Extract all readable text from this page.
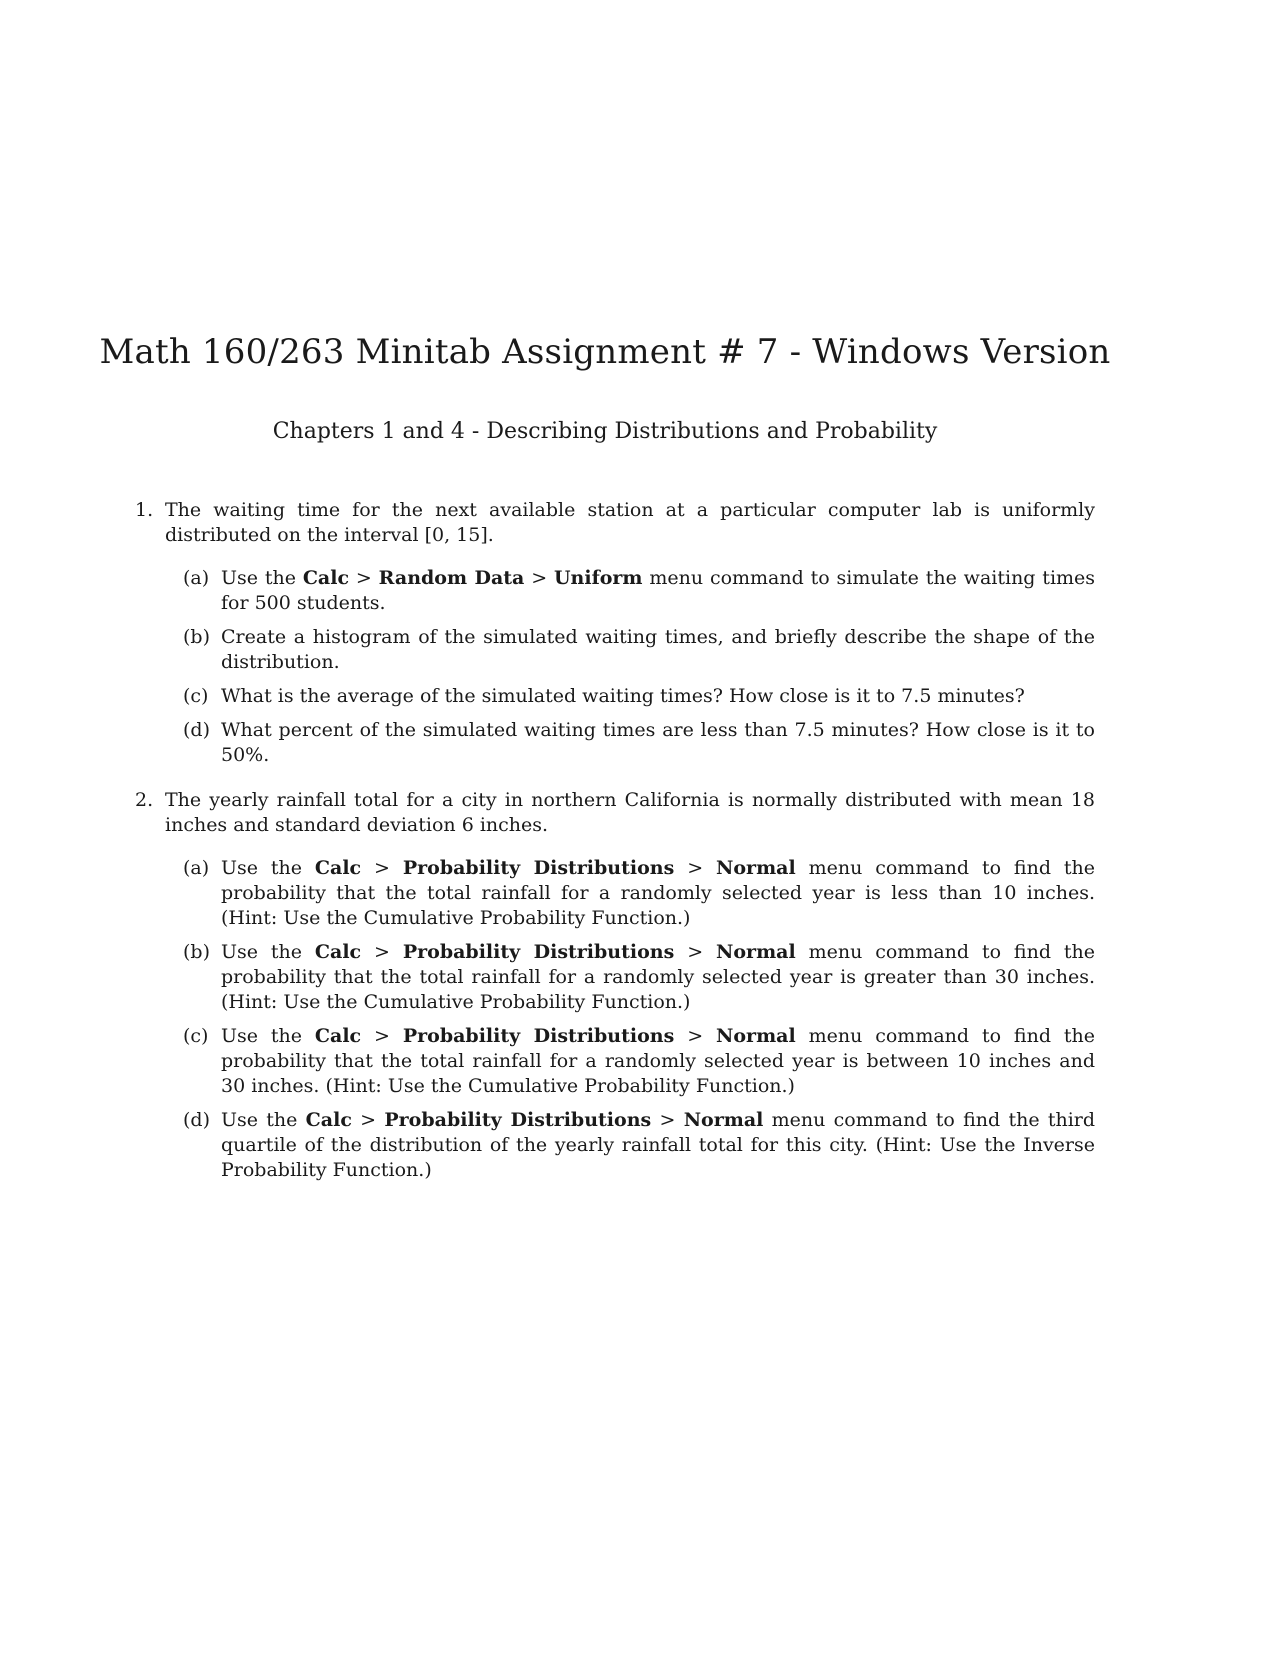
Math 160/263 Minitab Assignment # 7 - Windows Version
Chapters 1 and 4 - Describing Distributions and Probability
1. The waiting time for the next available station at a particular computer lab is uniformly distributed on the interval [0, 15].
(a) Use the Calc > Random Data > Uniform menu command to simulate the waiting times for 500 students.
(b) Create a histogram of the simulated waiting times, and briefly describe the shape of the distribution.
(c) What is the average of the simulated waiting times? How close is it to 7.5 minutes?
(d) What percent of the simulated waiting times are less than 7.5 minutes? How close is it to 50%.
2. The yearly rainfall total for a city in northern California is normally distributed with mean 18 inches and standard deviation 6 inches.
(a) Use the Calc > Probability Distributions > Normal menu command to find the probability that the total rainfall for a randomly selected year is less than 10 inches. (Hint: Use the Cumulative Probability Function.)
(b) Use the Calc > Probability Distributions > Normal menu command to find the probability that the total rainfall for a randomly selected year is greater than 30 inches. (Hint: Use the Cumulative Probability Function.)
(c) Use the Calc > Probability Distributions > Normal menu command to find the probability that the total rainfall for a randomly selected year is between 10 inches and 30 inches. (Hint: Use the Cumulative Probability Function.)
(d) Use the Calc > Probability Distributions > Normal menu command to find the third quartile of the distribution of the yearly rainfall total for this city. (Hint: Use the Inverse Probability Function.)
